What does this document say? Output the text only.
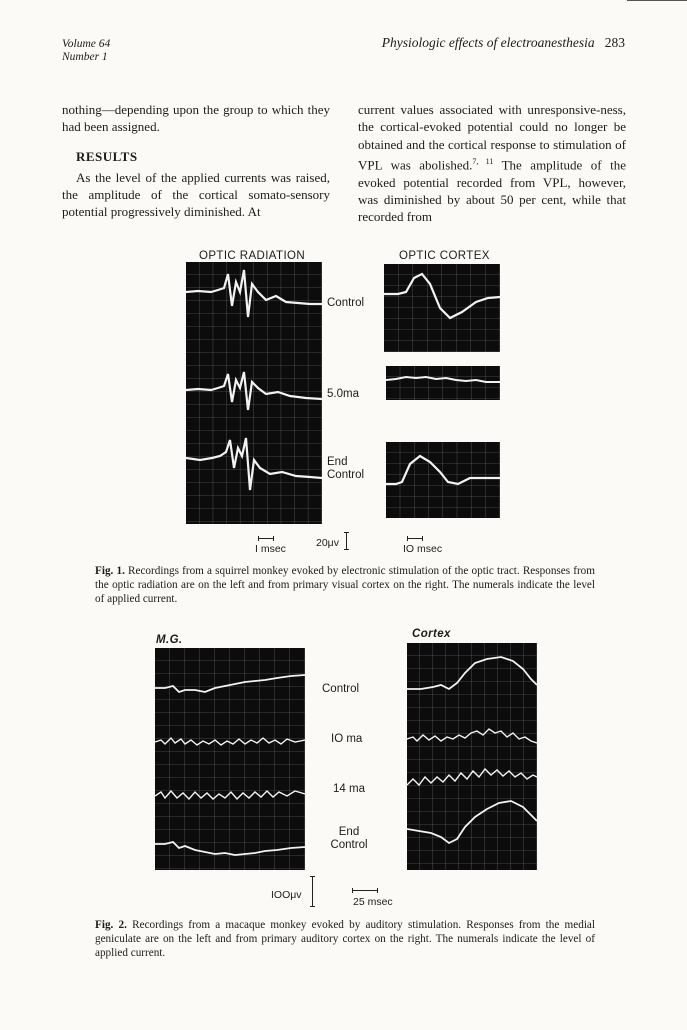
Volume 64
Number 1
Physiologic effects of electroanesthesia 283

nothing—depending upon the group to which they had been assigned.

RESULTS

As the level of the applied currents was raised, the amplitude of the cortical somato-sensory potential progressively diminished. At

current values associated with unresponsive-ness, the cortical-evoked potential could no longer be obtained and the cortical response to stimulation of VPL was abolished.$^{7, 11}$ The amplitude of the evoked potential recorded from VPL, however, was diminished by about 50 per cent, while that recorded from

OPTIC RADIATION	OPTIC CORTEX
Control
5.0ma
End Control
I msec	20μv	IO msec
Fig. 1. Recordings from a squirrel monkey evoked by electronic stimulation of the optic tract. Responses from the optic radiation are on the left and from primary visual cortex on the right. The numerals indicate the level of applied current.
M.G.	Cortex
Control
IO ma
14 ma
End Control
IOOμv
25 msec
Fig. 2. Recordings from a macaque monkey evoked by auditory stimulation. Responses from the medial geniculate are on the left and from primary auditory cortex on the right. The numerals indicate the level of applied current.
